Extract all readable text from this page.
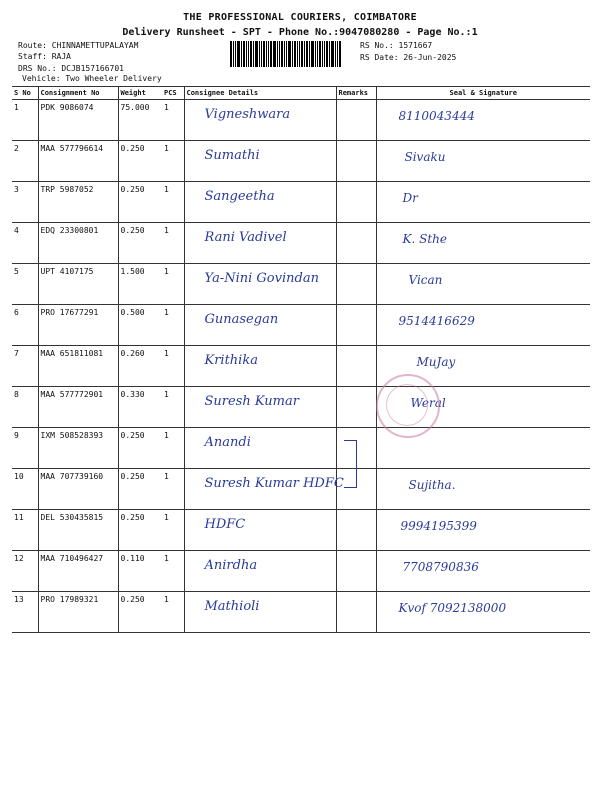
THE PROFESSIONAL COURIERS, COIMBATORE
Delivery Runsheet - SPT - Phone No.:9047080280 - Page No.:1
Route: CHINNAMETTUPALAYAM
Staff: RAJA
DRS No.: DCJB157166701
Vehicle: Two Wheeler Delivery
RS No.: 1571667
RS Date: 26-Jun-2025
S No	Consignment No	Weight	PCS	Consignee Details	Remarks	Seal & Signature
1	PDK 9086074	75.000	1	Vigneshwara		8110043444
2	MAA 577796614	0.250	1	Sumathi		Sivaku
3	TRP 5987052	0.250	1	Sangeetha		Dr
4	EDQ 23300801	0.250	1	Rani Vadivel		K. Sthe
5	UPT 4107175	1.500	1	Ya-Nini Govindan		Vican
6	PRO 17677291	0.500	1	Gunasegan		9514416629
7	MAA 651811081	0.260	1	Krithika		MuJay
8	MAA 577772901	0.330	1	Suresh Kumar		Weral
9	IXM 508528393	0.250	1	Anandi		
10	MAA 707739160	0.250	1	Suresh Kumar HDFC		Sujitha.
11	DEL 530435815	0.250	1	HDFC		9994195399
12	MAA 710496427	0.110	1	Anirdha		7708790836
13	PRO 17989321	0.250	1	Mathioli		Kvof 7092138000
